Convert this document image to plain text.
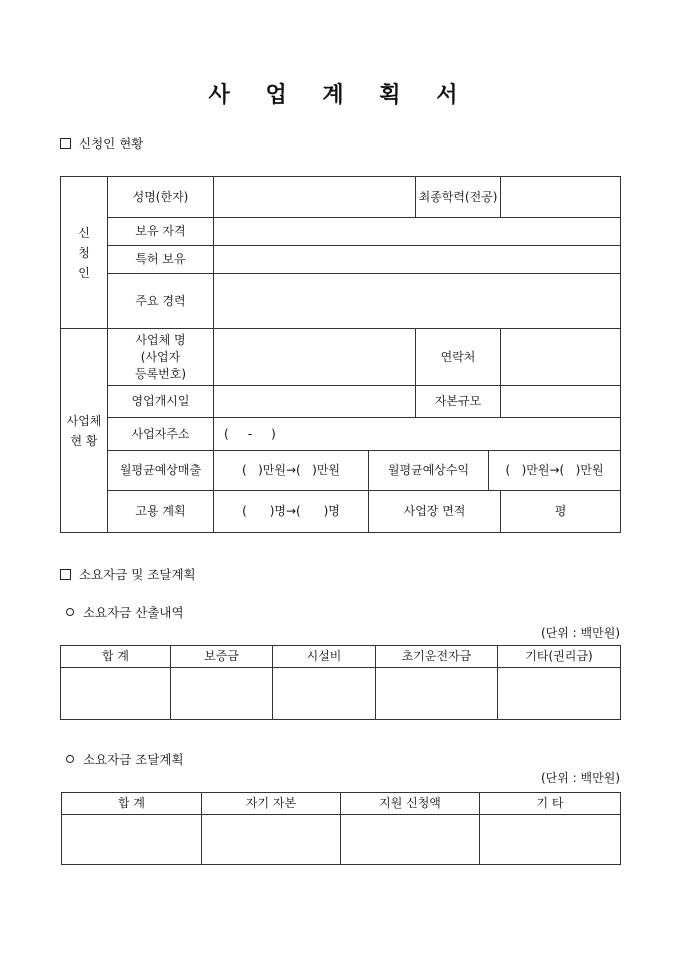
사 업 계 획 서
신청인 현황
신
청
인	성명(한자)			최종학력(전공)		
	보유 자격					
	특허 보유					
	주요 경력					
사업체
현 황	사업체 명
(사업자
등록번호)			연락처		
	영업개시일			자본규모		
	사업자주소	(     -     )				
	월평균예상매출	(   )만원→(   )만원	월평균예상수익		(   )만원→(   )만원	
	고용 계획	(      )명→(      )명	사업장 면적			평
소요자금 및 조달계획
소요자금 산출내역
(단위 : 백만원)
합 계	보증금	시설비	초기운전자금	기타(권리금)

소요자금 조달계획
(단위 : 백만원)
합 계	자기 자본	지원 신청액	기 타
